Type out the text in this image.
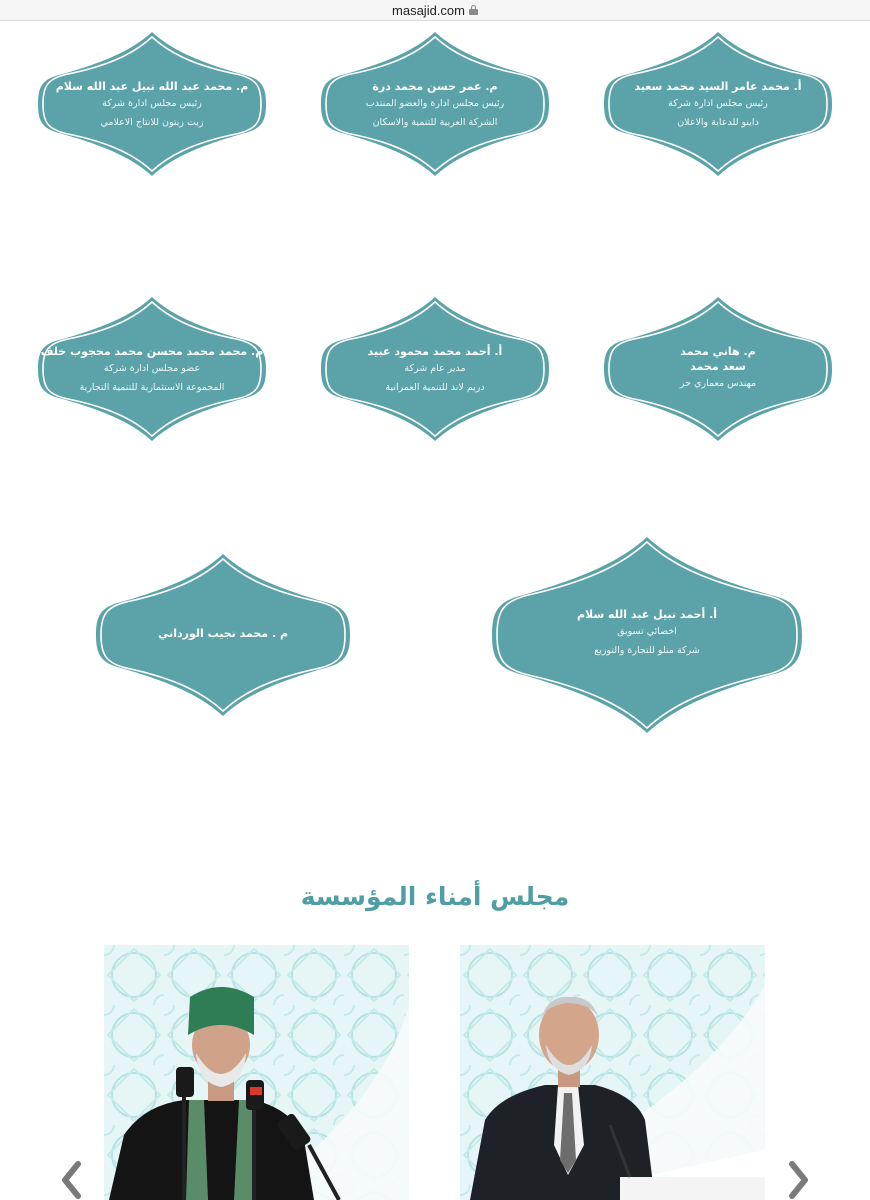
masajid.com
أ. محمد عامر السيد محمد سعيد
رئيس مجلس ادارة شركة
داينو للدعاية والاعلان
م. عمر حسن محمد درة
رئيس مجلس ادارة والعضو المنتدب
الشركة العربية للتنمية والاسكان
م. محمد عبد الله نبيل عبد الله سلام
رئيس مجلس ادارة شركة
زيت زيتون للانتاج الاعلامي
م. هاني محمد
سعد محمد
مهندس معماري حر
أ. أحمد محمد محمود عبيد
مدير عام شركة
دريم لاند للتنمية العمرانية
م. محمد محمد محسن محمد محجوب خلف
عضو مجلس ادارة شركة
المجموعة الاستثمارية للتنمية التجارية
أ. أحمد نبيل عبد الله سلام
اخصائي تسويق
شركة منلو للتجارة والتوزيع
م . محمد نجيب الورداني
مجلس أمناء المؤسسة
